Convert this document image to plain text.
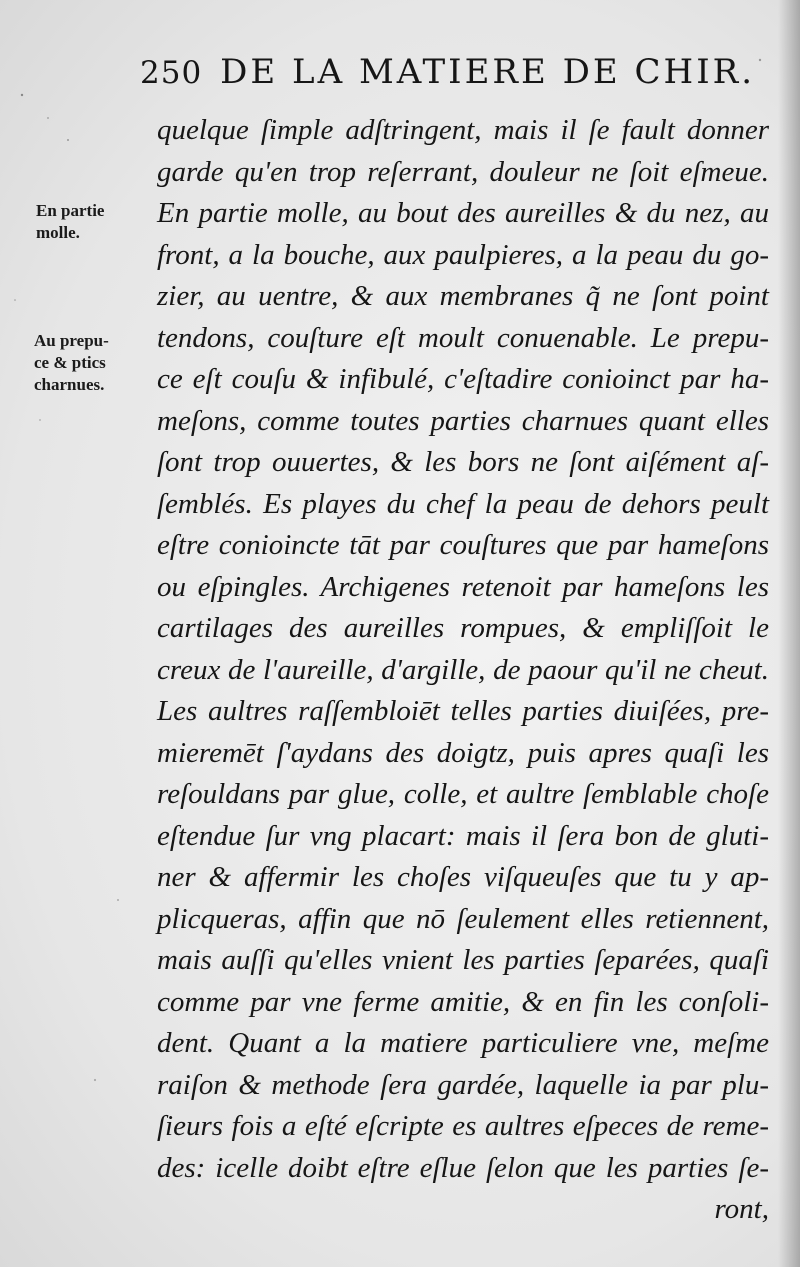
250 DE LA MATIERE DE CHIR.
En partie
molle.
Au prepu-
ce & ptics
charnues.
quelque ſimple adſtringent, mais il ſe fault donner
garde qu'en trop reſerrant, douleur ne ſoit eſmeue.
En partie molle, au bout des aureilles & du nez, au
front, a la bouche, aux paulpieres, a la peau du go-
zier, au uentre, & aux membranes q̃ ne ſont point
tendons, couſture eſt moult conuenable. Le prepu-
ce eſt couſu & infibulé, c'eſtadire conioinct par ha-
meſons, comme toutes parties charnues quant elles
ſont trop ouuertes, & les bors ne ſont aiſément aſ-
ſemblés. Es playes du chef la peau de dehors peult
eſtre conioincte tāt par couſtures que par hameſons
ou eſpingles. Archigenes retenoit par hameſons les
cartilages des aureilles rompues, & empliſſoit le
creux de l'aureille, d'argille, de paour qu'il ne cheut.
Les aultres raſſembloiēt telles parties diuiſées, pre-
mieremēt ſ'aydans des doigtz, puis apres quaſi les
reſouldans par glue, colle, et aultre ſemblable choſe
eſtendue ſur vng placart: mais il ſera bon de gluti-
ner & affermir les choſes viſqueuſes que tu y ap-
plicqueras, affin que nō ſeulement elles retiennent,
mais auſſi qu'elles vnient les parties ſeparées, quaſi
comme par vne ferme amitie, & en fin les conſoli-
dent. Quant a la matiere particuliere vne, meſme
raiſon & methode ſera gardée, laquelle ia par plu-
ſieurs fois a eſté eſcripte es aultres eſpeces de reme-
des: icelle doibt eſtre eſlue ſelon que les parties ſe-
ront,
